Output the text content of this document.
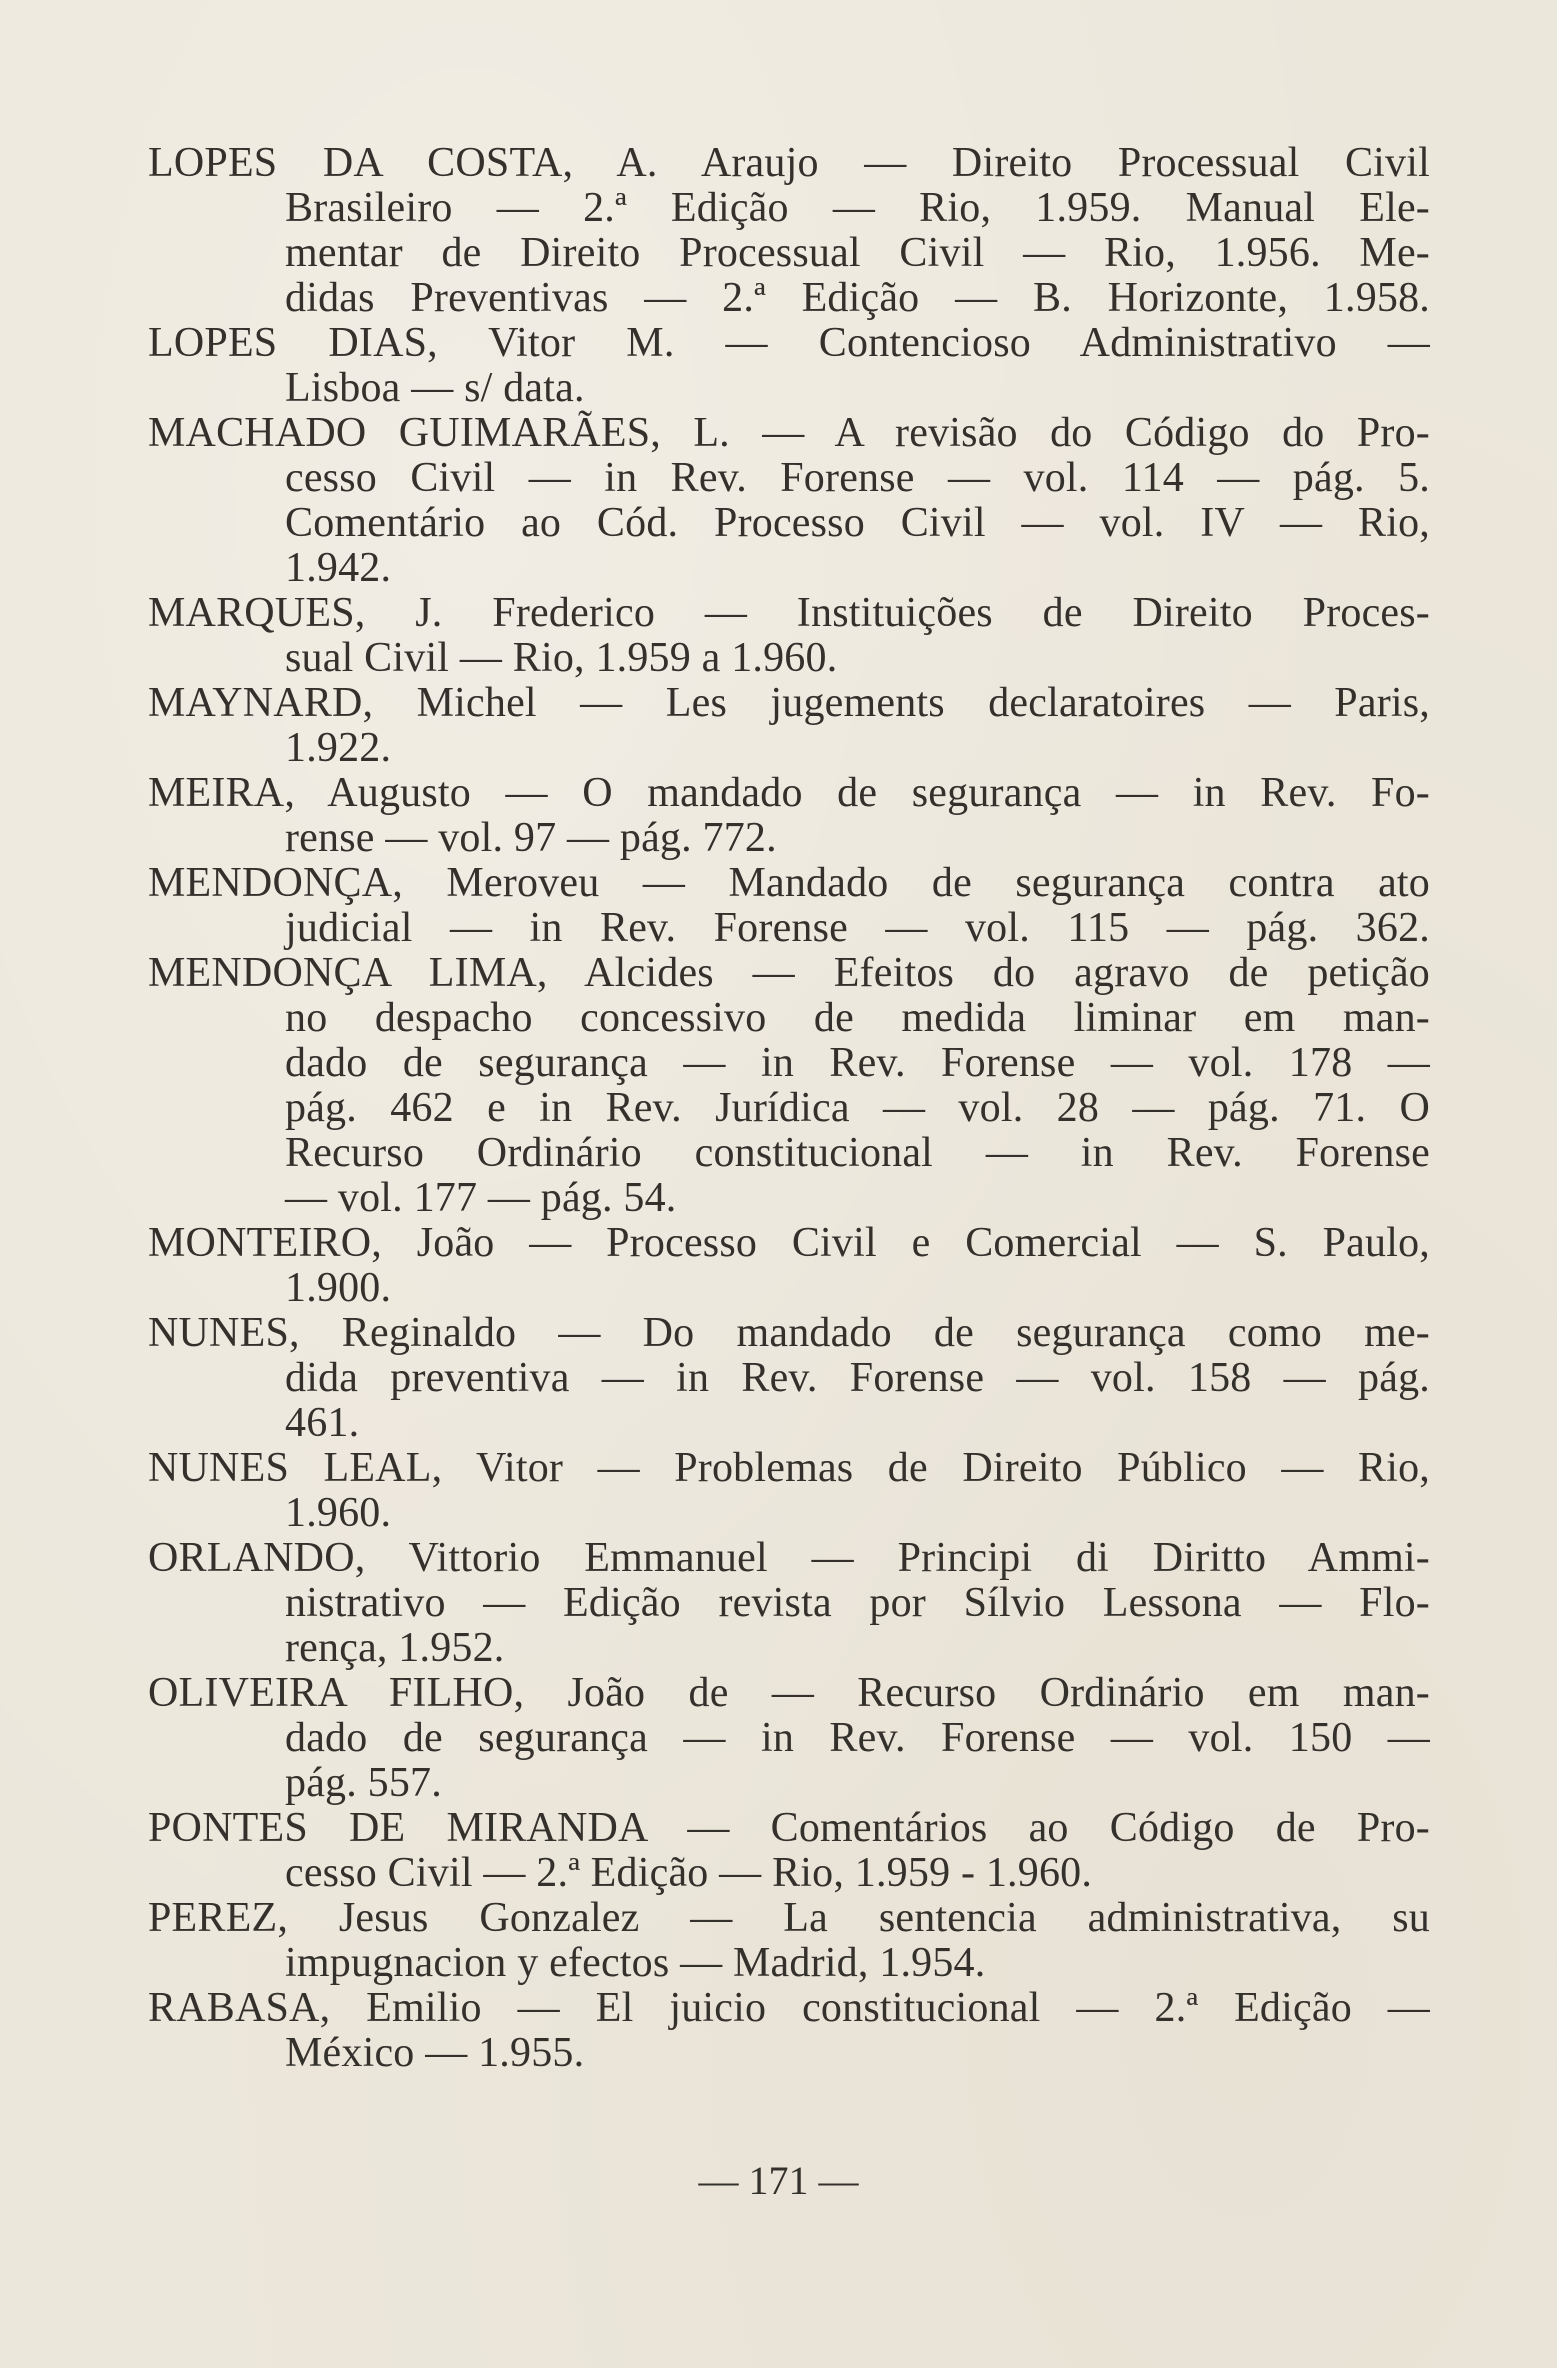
LOPES DA COSTA, A. Araujo — Direito Processual Civil
Brasileiro — 2.ª Edição — Rio, 1.959. Manual Ele-
mentar de Direito Processual Civil — Rio, 1.956. Me-
didas Preventivas — 2.ª Edição — B. Horizonte, 1.958.
LOPES DIAS, Vitor M. — Contencioso Administrativo —
Lisboa — s/ data.
MACHADO GUIMARÃES, L. — A revisão do Código do Pro-
cesso Civil — in Rev. Forense — vol. 114 — pág. 5.
Comentário ao Cód. Processo Civil — vol. IV — Rio,
1.942.
MARQUES, J. Frederico — Instituições de Direito Proces-
sual Civil — Rio, 1.959 a 1.960.
MAYNARD, Michel — Les jugements declaratoires — Paris,
1.922.
MEIRA, Augusto — O mandado de segurança — in Rev. Fo-
rense — vol. 97 — pág. 772.
MENDONÇA, Meroveu — Mandado de segurança contra ato
judicial — in Rev. Forense — vol. 115 — pág. 362.
MENDONÇA LIMA, Alcides — Efeitos do agravo de petição
no despacho concessivo de medida liminar em man-
dado de segurança — in Rev. Forense — vol. 178 —
pág. 462 e in Rev. Jurídica — vol. 28 — pág. 71. O
Recurso Ordinário constitucional — in Rev. Forense
— vol. 177 — pág. 54.
MONTEIRO, João — Processo Civil e Comercial — S. Paulo,
1.900.
NUNES, Reginaldo — Do mandado de segurança como me-
dida preventiva — in Rev. Forense — vol. 158 — pág.
461.
NUNES LEAL, Vitor — Problemas de Direito Público — Rio,
1.960.
ORLANDO, Vittorio Emmanuel — Principi di Diritto Ammi-
nistrativo — Edição revista por Sílvio Lessona — Flo-
rença, 1.952.
OLIVEIRA FILHO, João de — Recurso Ordinário em man-
dado de segurança — in Rev. Forense — vol. 150 —
pág. 557.
PONTES DE MIRANDA — Comentários ao Código de Pro-
cesso Civil — 2.ª Edição — Rio, 1.959 - 1.960.
PEREZ, Jesus Gonzalez — La sentencia administrativa, su
impugnacion y efectos — Madrid, 1.954.
RABASA, Emilio — El juicio constitucional — 2.ª Edição —
México — 1.955.
— 171 —
